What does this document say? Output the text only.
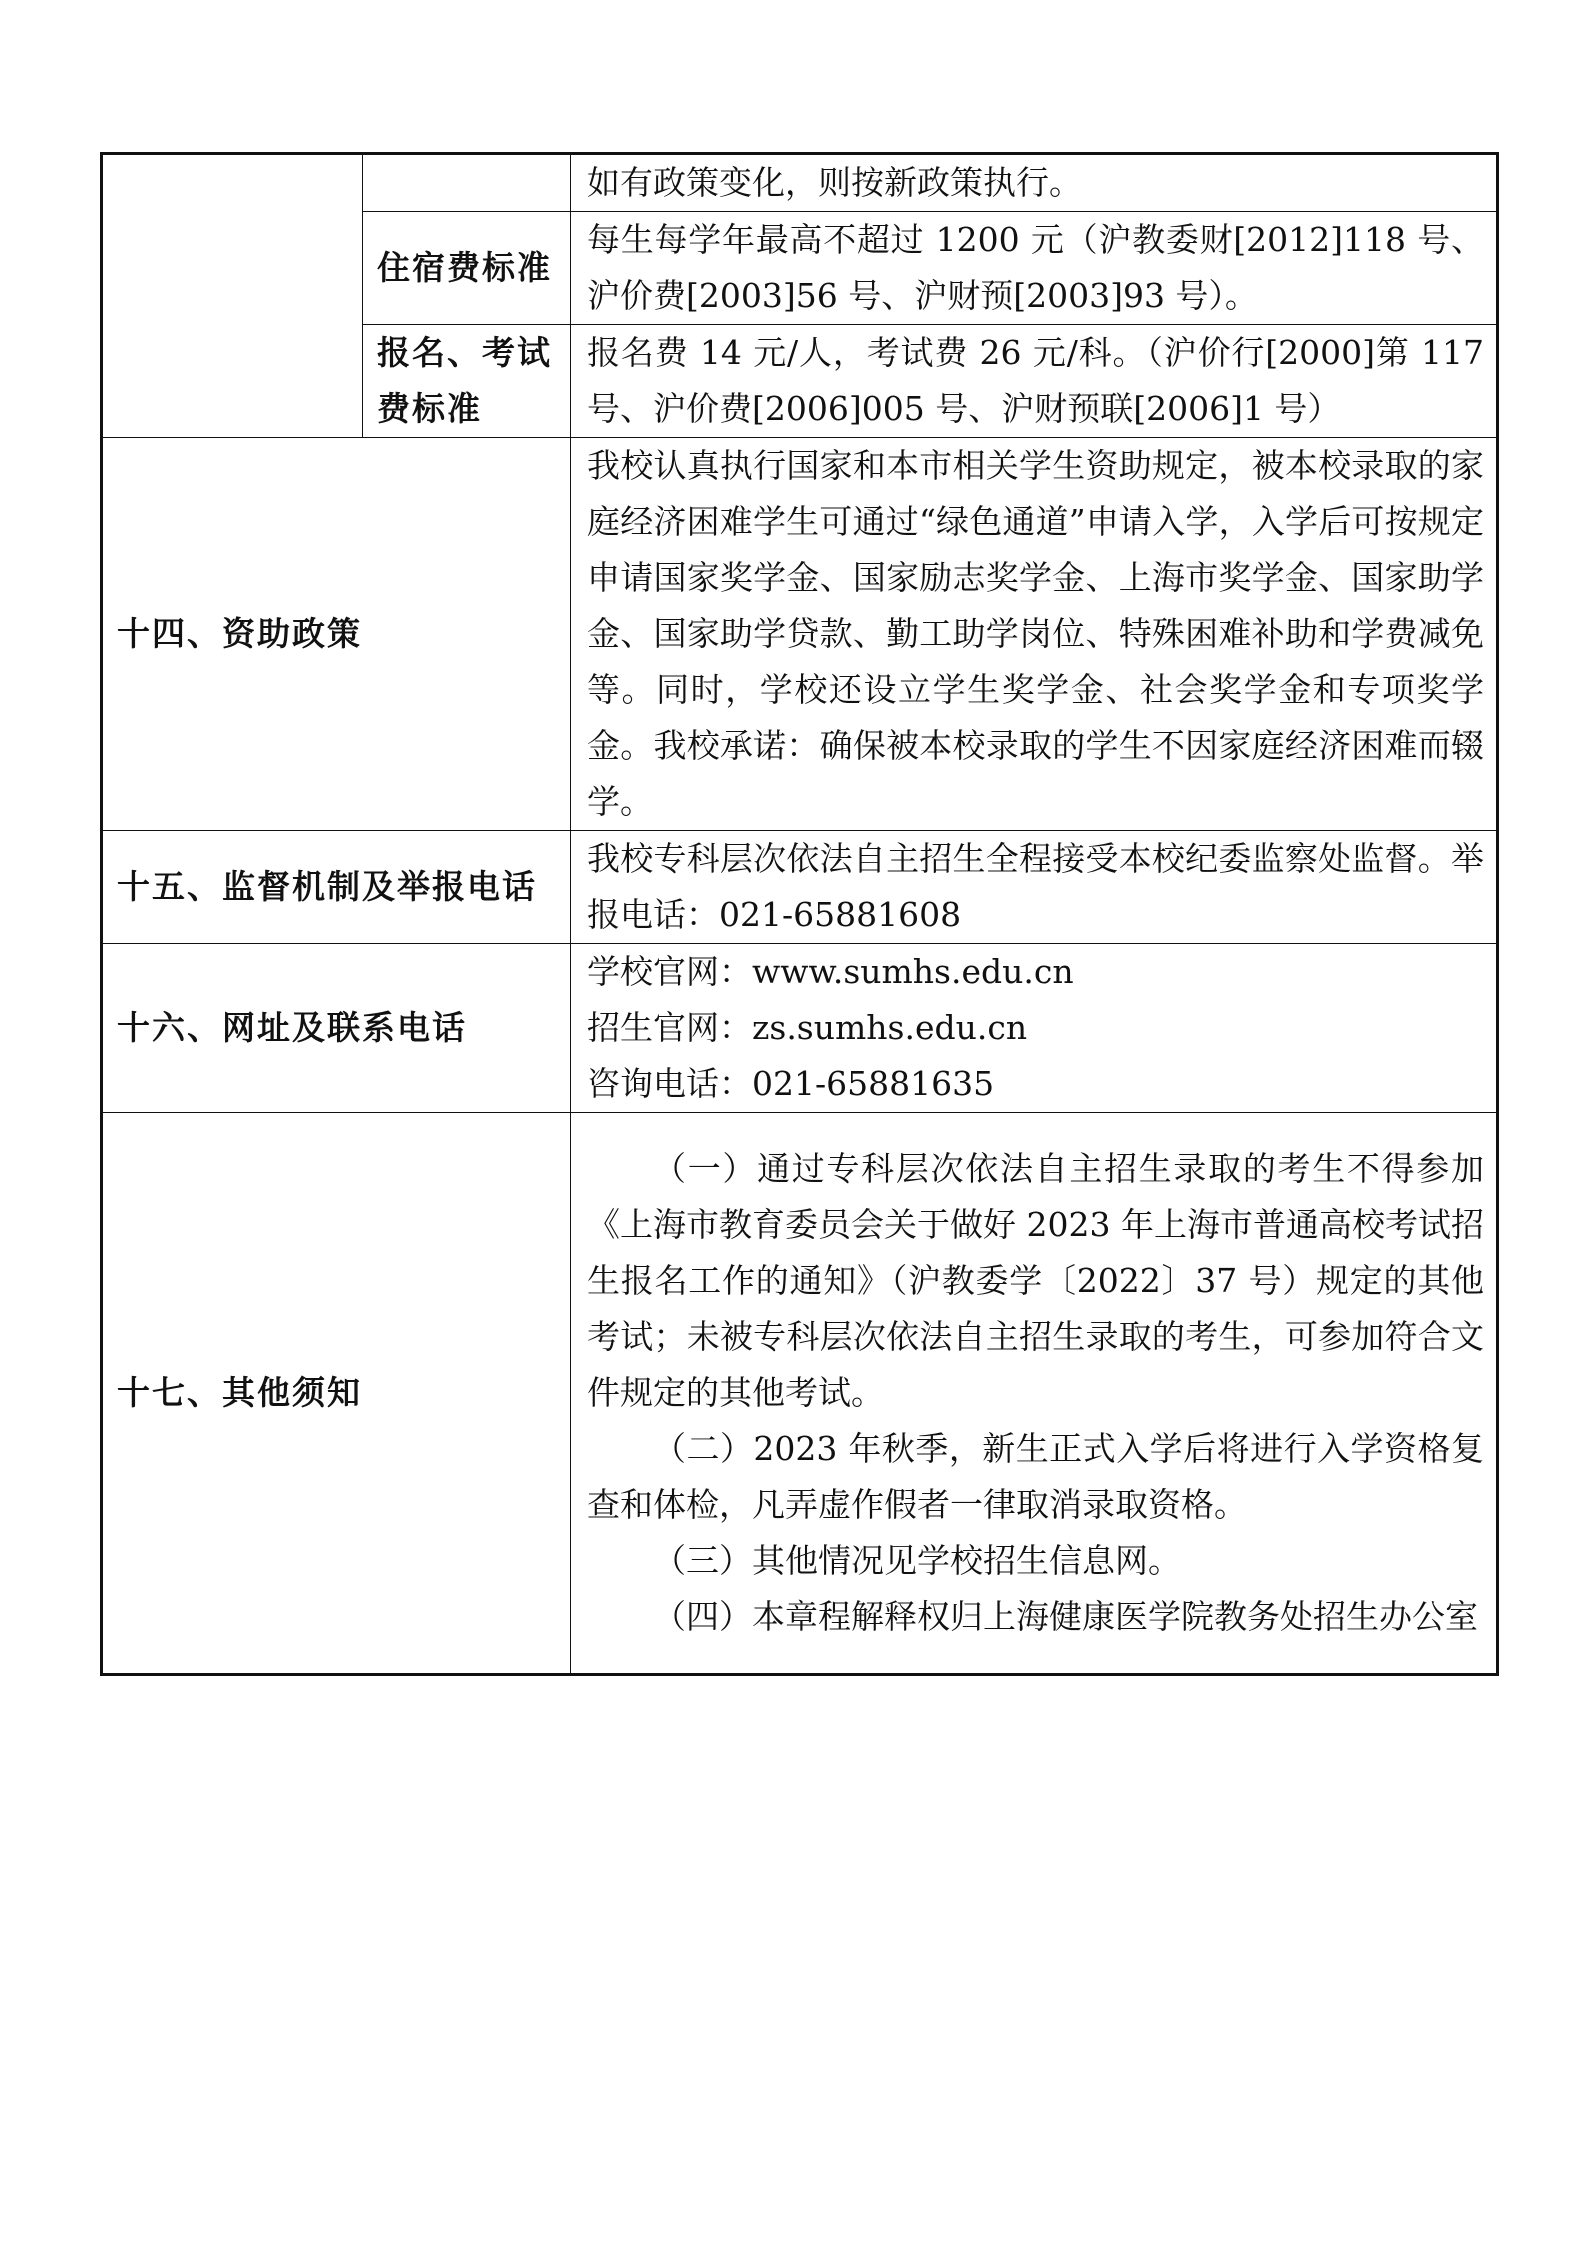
		如有政策变化，则按新政策执行。

	住宿费标准	每生每学年最高不超过 1200 元（沪教委财[2012]118 号、沪价费[2003]56 号、沪财预[2003]93 号）。

	报名、考试费标准	报名费 14 元/人，考试费 26 元/科。（沪价行[2000]第 117 号、沪价费[2006]005 号、沪财预联[2006]1 号）

十四、资助政策		我校认真执行国家和本市相关学生资助规定，被本校录取的家庭经济困难学生可通过“绿色通道”申请入学，入学后可按规定申请国家奖学金、国家励志奖学金、上海市奖学金、国家助学金、国家助学贷款、勤工助学岗位、特殊困难补助和学费减免等。同时，学校还设立学生奖学金、社会奖学金和专项奖学金。我校承诺：确保被本校录取的学生不因家庭经济困难而辍学。

十五、监督机制及举报电话		我校专科层次依法自主招生全程接受本校纪委监察处监督。举报电话：021-65881608

十六、网址及联系电话		学校官网：www.sumhs.edu.cn

招生官网：zs.sumhs.edu.cn

咨询电话：021-65881635

十七、其他须知		（一）通过专科层次依法自主招生录取的考生不得参加《上海市教育委员会关于做好 2023 年上海市普通高校考试招生报名工作的通知》（沪教委学〔2022〕37 号）规定的其他考试；未被专科层次依法自主招生录取的考生，可参加符合文件规定的其他考试。

（二）2023 年秋季，新生正式入学后将进行入学资格复查和体检，凡弄虚作假者一律取消录取资格。

（三）其他情况见学校招生信息网。

（四）本章程解释权归上海健康医学院教务处招生办公室
